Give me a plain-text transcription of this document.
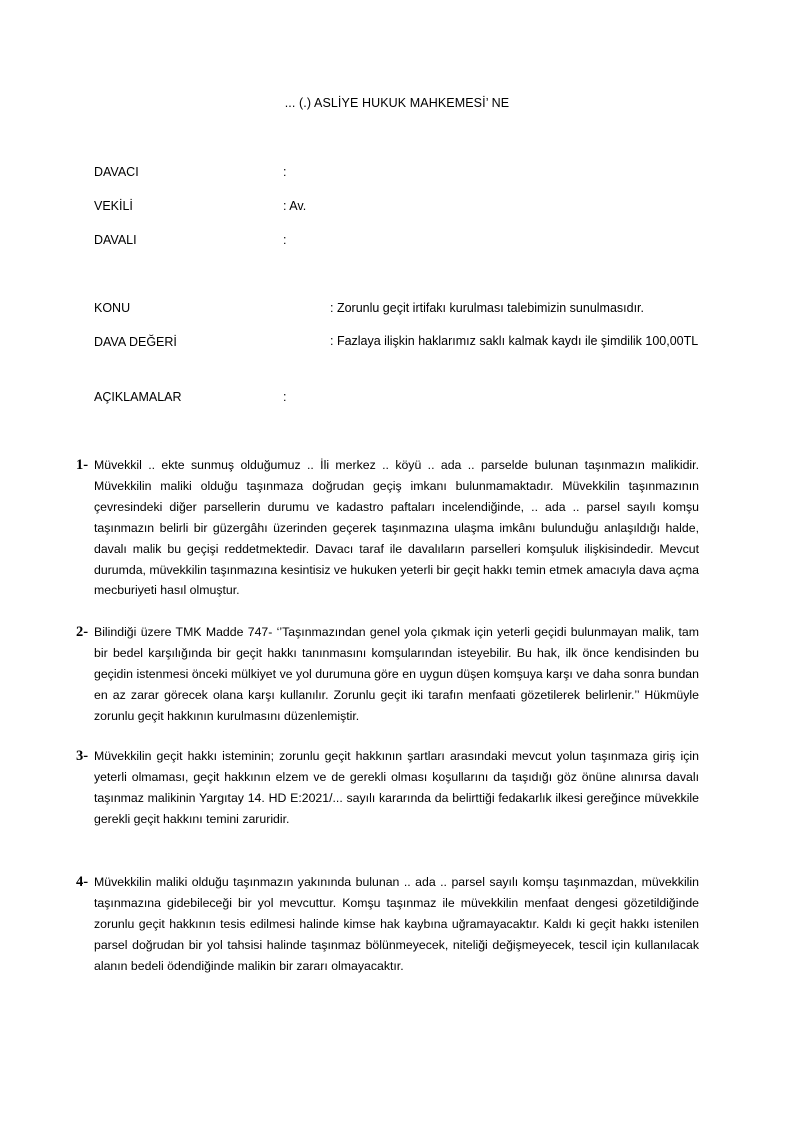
... (.) ASLİYE HUKUK MAHKEMESİ’ NE
DAVACI	:
VEKİLİ	: Av.
DAVALI	:
KONU	: Zorunlu geçit irtifakı kurulması talebimizin sunulmasıdır.
DAVA DEĞERİ	: Fazlaya ilişkin haklarımız saklı kalmak kaydı ile şimdilik 100,00TL
AÇIKLAMALAR	:
1- Müvekkil .. ekte sunmuş olduğumuz .. İli merkez .. köyü .. ada .. parselde bulunan taşınmazın malikidir. Müvekkilin maliki olduğu taşınmaza doğrudan geçiş imkanı bulunmamaktadır. Müvekkilin taşınmazının çevresindeki diğer parsellerin durumu ve kadastro paftaları incelendiğinde, .. ada .. parsel sayılı komşu taşınmazın belirli bir güzergâhı üzerinden geçerek taşınmazına ulaşma imkânı bulunduğu anlaşıldığı halde, davalı malik bu geçişi reddetmektedir. Davacı taraf ile davalıların parselleri komşuluk ilişkisindedir. Mevcut durumda, müvekkilin taşınmazına kesintisiz ve hukuken yeterli bir geçit hakkı temin etmek amacıyla dava açma mecburiyeti hasıl olmuştur.
2- Bilindiği üzere TMK Madde 747- ‘’Taşınmazından genel yola çıkmak için yeterli geçidi bulunmayan malik, tam bir bedel karşılığında bir geçit hakkı tanınmasını komşularından isteyebilir. Bu hak, ilk önce kendisinden bu geçidin istenmesi önceki mülkiyet ve yol durumuna göre en uygun düşen komşuya karşı ve daha sonra bundan en az zarar görecek olana karşı kullanılır. Zorunlu geçit iki tarafın menfaati gözetilerek belirlenir.’’ Hükmüyle zorunlu geçit hakkının kurulmasını düzenlemiştir.
3- Müvekkilin geçit hakkı isteminin; zorunlu geçit hakkının şartları arasındaki mevcut yolun taşınmaza giriş için yeterli olmaması, geçit hakkının elzem ve de gerekli olması koşullarını da taşıdığı göz önüne alınırsa davalı taşınmaz malikinin Yargıtay 14. HD E:2021/... sayılı kararında da belirttiği fedakarlık ilkesi gereğince müvekkile gerekli geçit hakkını temini zaruridir.
4- Müvekkilin maliki olduğu taşınmazın yakınında bulunan .. ada .. parsel sayılı komşu taşınmazdan, müvekkilin taşınmazına gidebileceği bir yol mevcuttur. Komşu taşınmaz ile müvekkilin menfaat dengesi gözetildiğinde zorunlu geçit hakkının tesis edilmesi halinde kimse hak kaybına uğramayacaktır. Kaldı ki geçit hakkı istenilen parsel doğrudan bir yol tahsisi halinde taşınmaz bölünmeyecek, niteliği değişmeyecek, tescil için kullanılacak alanın bedeli ödendiğinde malikin bir zararı olmayacaktır.
